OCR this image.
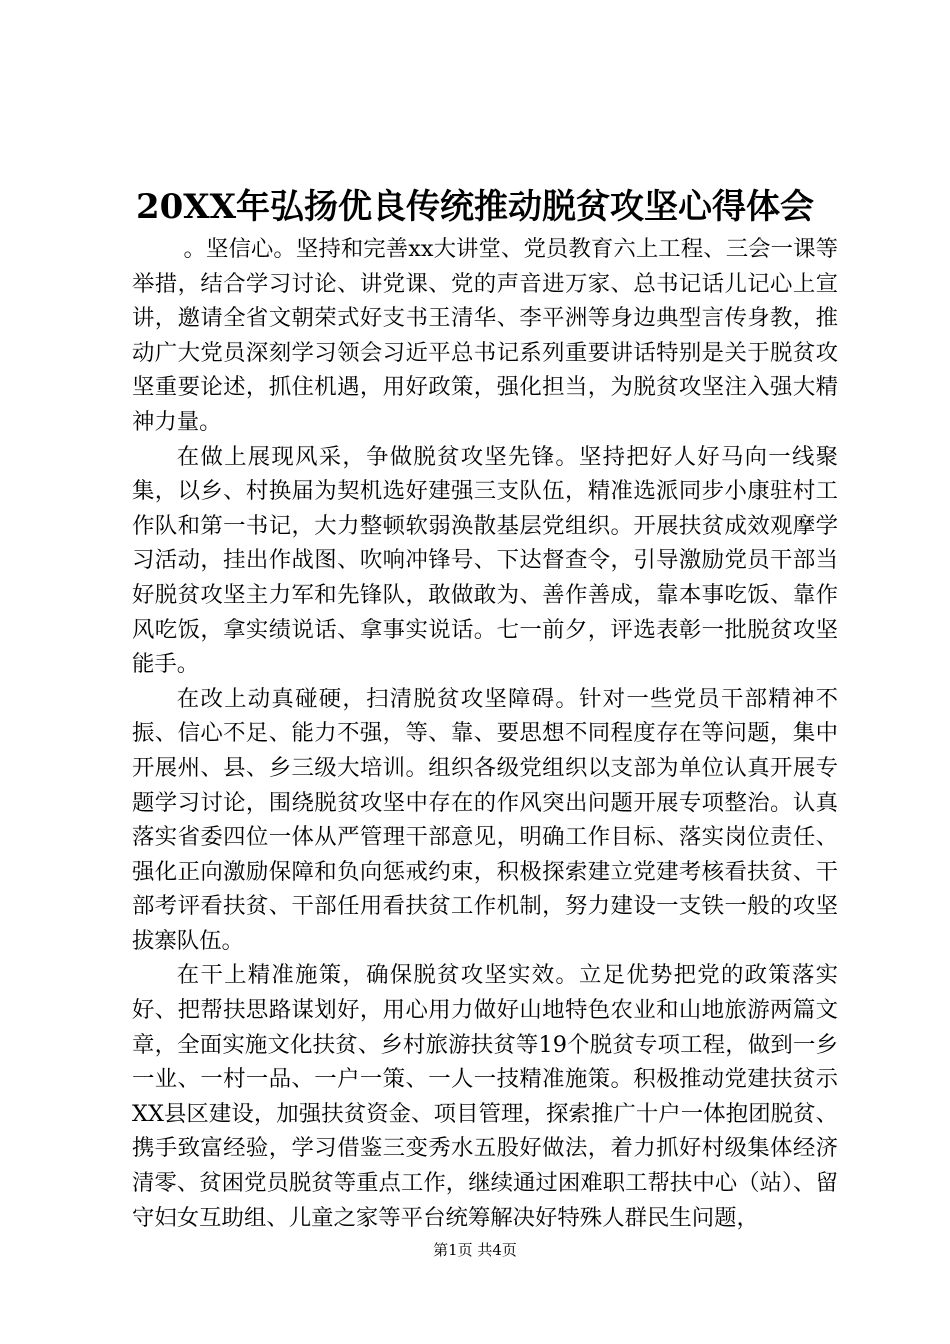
20XX年弘扬优良传统推动脱贫攻坚心得体会

。坚信心。坚持和完善xx大讲堂、党员教育六上工程、三会一课等举措，结合学习讨论、讲党课、党的声音进万家、总书记话儿记心上宣讲，邀请全省文朝荣式好支书王清华、李平洲等身边典型言传身教，推动广大党员深刻学习领会习近平总书记系列重要讲话特别是关于脱贫攻坚重要论述，抓住机遇，用好政策，强化担当，为脱贫攻坚注入强大精神力量。

在做上展现风采，争做脱贫攻坚先锋。坚持把好人好马向一线聚集，以乡、村换届为契机选好建强三支队伍，精准选派同步小康驻村工作队和第一书记，大力整顿软弱涣散基层党组织。开展扶贫成效观摩学习活动，挂出作战图、吹响冲锋号、下达督查令，引导激励党员干部当好脱贫攻坚主力军和先锋队，敢做敢为、善作善成，靠本事吃饭、靠作风吃饭，拿实绩说话、拿事实说话。七一前夕，评选表彰一批脱贫攻坚能手。

在改上动真碰硬，扫清脱贫攻坚障碍。针对一些党员干部精神不振、信心不足、能力不强，等、靠、要思想不同程度存在等问题，集中开展州、县、乡三级大培训。组织各级党组织以支部为单位认真开展专题学习讨论，围绕脱贫攻坚中存在的作风突出问题开展专项整治。认真落实省委四位一体从严管理干部意见，明确工作目标、落实岗位责任、强化正向激励保障和负向惩戒约束，积极探索建立党建考核看扶贫、干部考评看扶贫、干部任用看扶贫工作机制，努力建设一支铁一般的攻坚拔寨队伍。

在干上精准施策，确保脱贫攻坚实效。立足优势把党的政策落实好、把帮扶思路谋划好，用心用力做好山地特色农业和山地旅游两篇文章，全面实施文化扶贫、乡村旅游扶贫等19个脱贫专项工程，做到一乡一业、一村一品、一户一策、一人一技精准施策。积极推动党建扶贫示XX县区建设，加强扶贫资金、项目管理，探索推广十户一体抱团脱贫、携手致富经验，学习借鉴三变秀水五股好做法，着力抓好村级集体经济清零、贫困党员脱贫等重点工作，继续通过困难职工帮扶中心（站）、留守妇女互助组、儿童之家等平台统筹解决好特殊人群民生问题，

第1页 共4页
